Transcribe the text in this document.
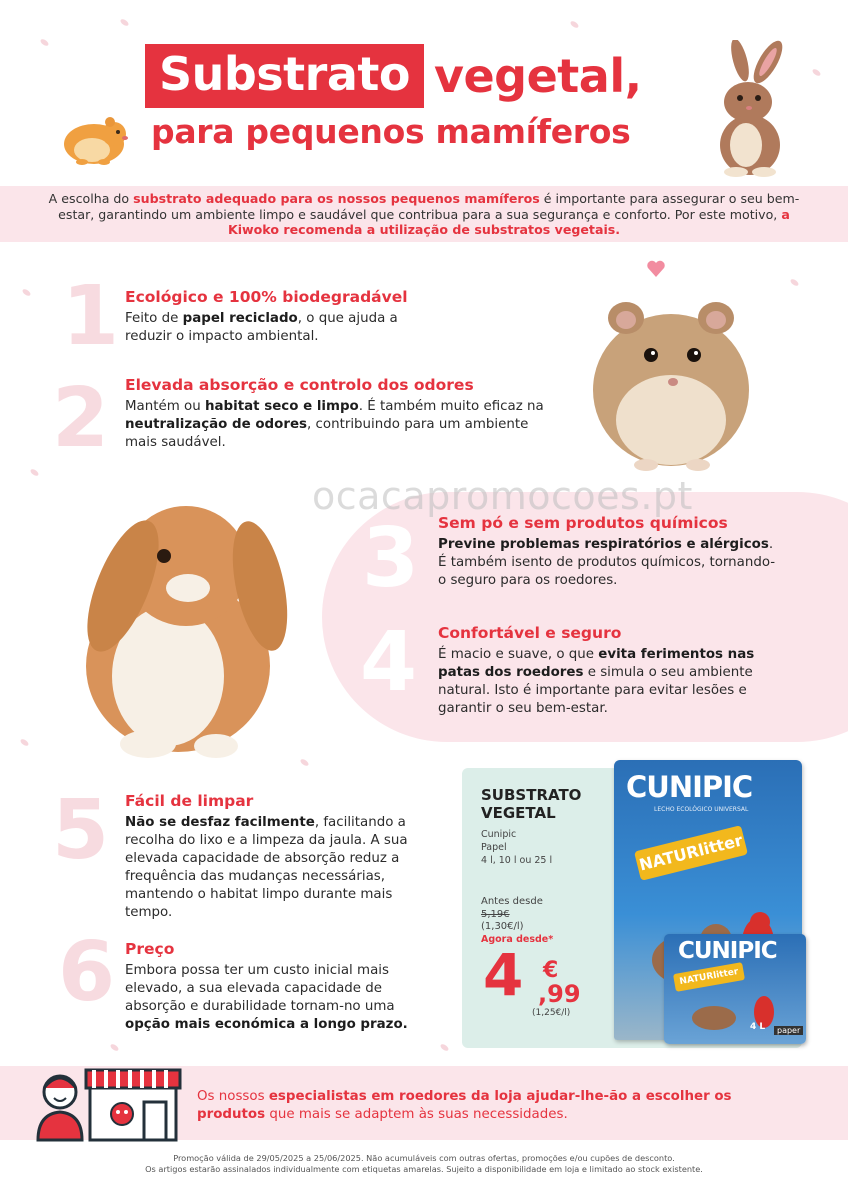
Substrato vegetal,
para pequenos mamíferos

A escolha do substrato adequado para os nossos pequenos mamíferos é importante para assegurar o seu bem-estar, garantindo um ambiente limpo e saudável que contribua para a sua segurança e conforto. Por este motivo, a Kiwoko recomenda a utilização de substratos vegetais.

ocacapromocoes.pt
1 Ecológico e 100% biodegradável

Feito de papel reciclado, o que ajuda a reduzir o impacto ambiental.

2 Elevada absorção e controlo dos odores

Mantém ou habitat seco e limpo. É também muito eficaz na neutralização de odores, contribuindo para um ambiente mais saudável.

3 Sem pó e sem produtos químicos

Previne problemas respiratórios e alérgicos. É também isento de produtos químicos, tornando-o seguro para os roedores.

4 Confortável e seguro

É macio e suave, o que evita ferimentos nas patas dos roedores e simula o seu ambiente natural. Isto é importante para evitar lesões e garantir o seu bem-estar.

5 Fácil de limpar

Não se desfaz facilmente, facilitando a recolha do lixo e a limpeza da jaula. A sua elevada capacidade de absorção reduz a frequência das mudanças necessárias, mantendo o habitat limpo durante mais tempo.

6 Preço

Embora possa ter um custo inicial mais elevado, a sua elevada capacidade de absorção e durabilidade tornam-no uma opção mais económica a longo prazo.

SUBSTRATO
VEGETAL
Cunipic
Papel
4 l, 10 l ou 25 l
Antes desde
5,19€
(1,30€/l)
Agora desde*
4 €
,99
(1,25€/l)
CUNIPIC
LECHO ECOLÓGICO UNIVERSAL
NATURlitter
CUNIPIC
NATURlitter
4 L	paper
Os nossos especialistas em roedores da loja ajudar-lhe-ão a escolher os produtos que mais se adaptem às suas necessidades.
Promoção válida de 29/05/2025 a 25/06/2025. Não acumuláveis com outras ofertas, promoções e/ou cupões de desconto.
Os artigos estarão assinalados individualmente com etiquetas amarelas. Sujeito a disponibilidade em loja e limitado ao stock existente.
